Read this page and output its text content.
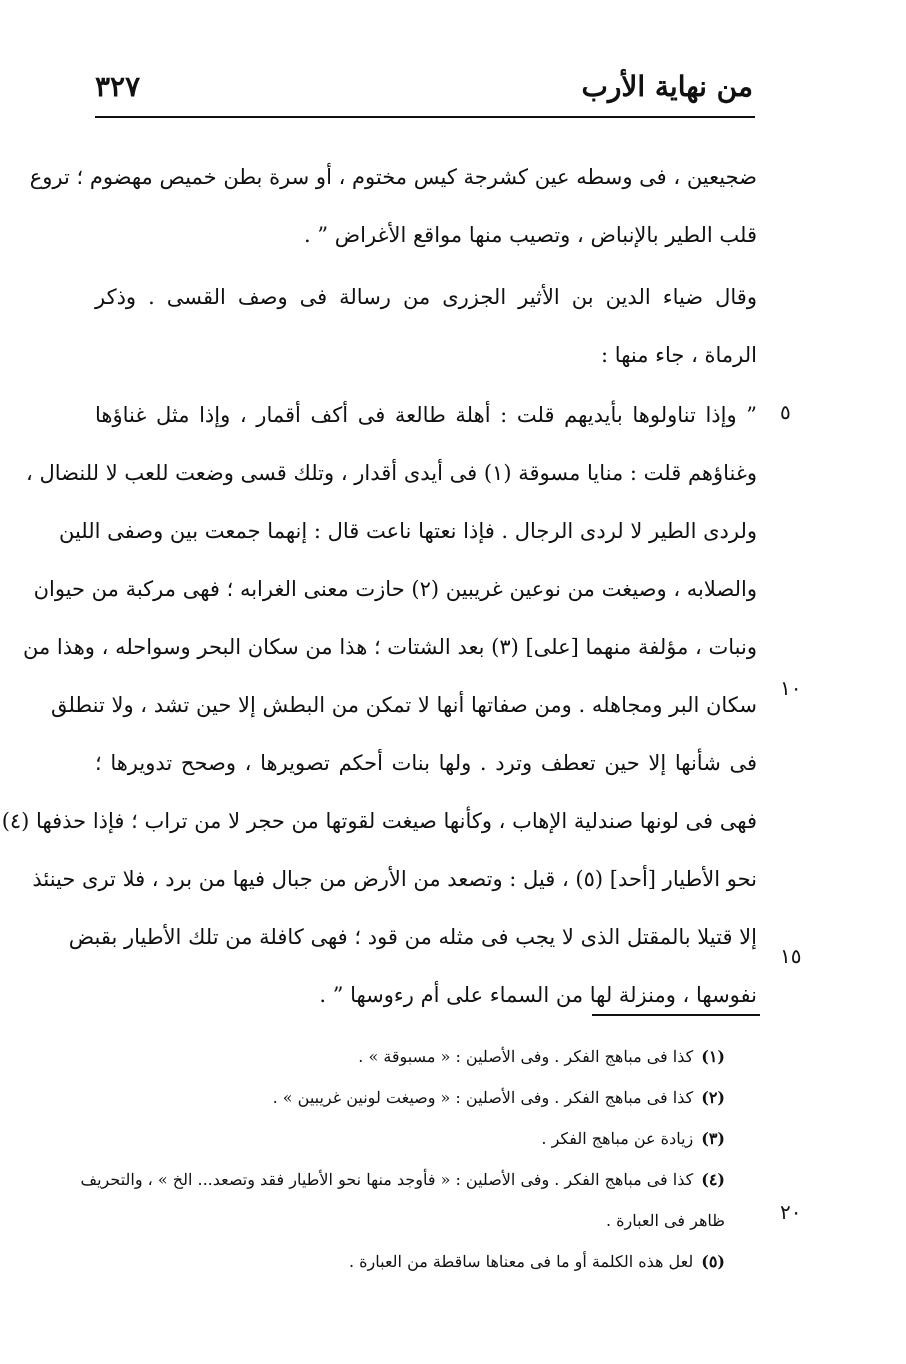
٣٢٧	من نهاية الأرب
ضجيعين ، فى وسطه عين كشرجة كيس مختوم ، أو سرة بطن خميص مهضوم ؛ تروع
قلب الطير بالإنباض ، وتصيب منها مواقع الأغراض ” .
وقال ضياء الدين بن الأثير الجزرى من رسالة فى وصف القسى . وذكر
الرماة ، جاء منها :
” وإذا تناولوها بأيديهم قلت : أهلة طالعة فى أكف أقمار ، وإذا مثل غناؤها
وغناؤهم قلت : منايا مسوقة (١) فى أيدى أقدار ، وتلك قسى وضعت للعب لا للنضال ،
ولردى الطير لا لردى الرجال . فإذا نعتها ناعت قال : إنهما جمعت بين وصفى اللين
والصلابه ، وصيغت من نوعين غريبين (٢) حازت معنى الغرابه ؛ فهى مركبة من حيوان
ونبات ، مؤلفة منهما [على] (٣) بعد الشتات ؛ هذا من سكان البحر وسواحله ، وهذا من
سكان البر ومجاهله . ومن صفاتها أنها لا تمكن من البطش إلا حين تشد ، ولا تنطلق
فى شأنها إلا حين تعطف وترد . ولها بنات أحكم تصويرها ، وصحح تدويرها ؛
فهى فى لونها صندلية الإهاب ، وكأنها صيغت لقوتها من حجر لا من تراب ؛ فإذا حذفها (٤)
نحو الأطيار [أحد] (٥) ، قيل : وتصعد من الأرض من جبال فيها من برد ، فلا ترى حينئذ
إلا قتيلا بالمقتل الذى لا يجب فى مثله من قود ؛ فهى كافلة من تلك الأطيار بقبض
نفوسها ، ومنزلة لها من السماء على أم رءوسها ” .
٥
١٠
١٥
٢٠
(١)كذا فى مباهج الفكر . وفى الأصلين : « مسبوقة » .
(٢)كذا فى مباهج الفكر . وفى الأصلين : « وصيغت لونين غريبين » .
(٣)زيادة عن مباهج الفكر .
(٤)كذا فى مباهج الفكر . وفى الأصلين : « فأوجد منها نحو الأطيار فقد وتصعد... الخ » ، والتحريف
ظاهر فى العبارة .
(٥)لعل هذه الكلمة أو ما فى معناها ساقطة من العبارة .
